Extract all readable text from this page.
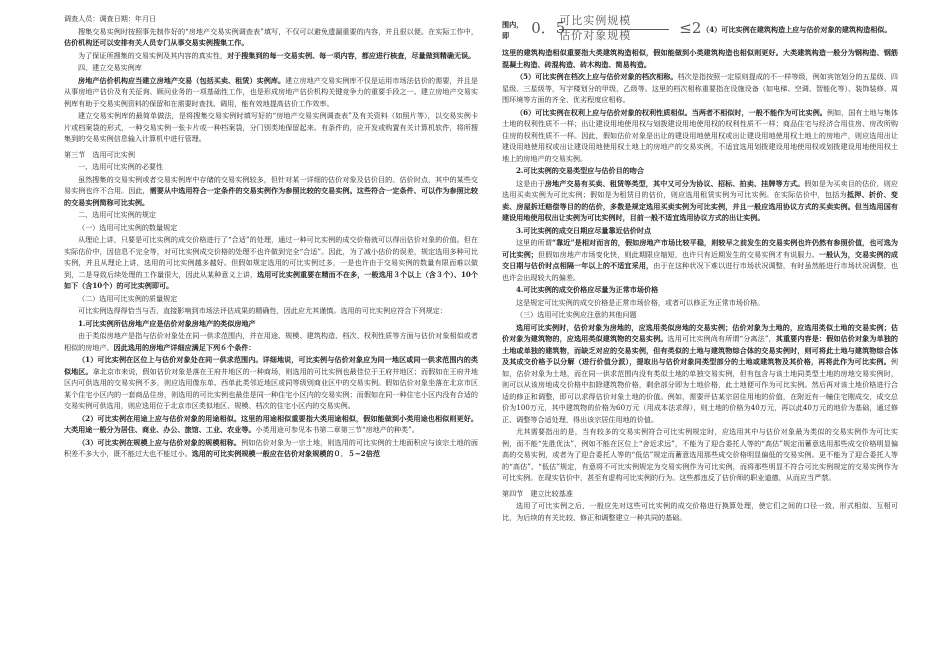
调查人员：调查日期：年月日

搜集交易实例时按照事先制作好的“房地产交易实例调查表”填写，不仅可以避免遗漏重要的内容，并且很以便。在实际工作中，估价机构还可以安排有关人员专门从事交易实例搜集工作。

为了保证所搜集的交易实例及其内容的真实性，对于搜集到的每一交易实例、每一项内容，都应进行核查，尽量做到精确无误。

四、建立交易实例库

房地产估价机构应当建立房地产交易（包括买卖、租赁）实例库。建立房地产交易实例库不仅是运用市场法估价的需要，并且是从事房地产估价及有关征询、顾问业务的一项基础性工作，也是形成房地产估价机构关键竞争力的重要手段之一。建立房地产交易实例库有助于交易实例资料的保留和在需要时查找、调用，能有效地提高估价工作效率。

建立交易实例库的最简单做法，是将搜集交易实例时填写好的“房地产交易实例调查表”及有关资料（如照片等），以交易实例卡片或档案袋的形式，一种交易实例一张卡片或一种档案袋，分门别类地保留起来。有条件的，应开发或购置有关计算机软件，将所搜集到的交易实例信息输入计算机中进行管理。

第三节　选用可比实例

一、选用可比实例的必要性

虽然搜集的交易实例或者交易实例库中存储的交易实例较多，但针对某一详细的估价对象及估价目的、估价时点，其中的某些交易实例也许不合用。因此，需要从中选用符合一定条件的交易实例作为参照比较的交易实例。这些符合一定条件、可以作为参照比较的交易实例简称可比实例。

二、选用可比实例的规定

（一）选用可比实例的数量规定

从理论上讲，只要是可比实例的成交价格进行了“合适”的处理，通过一种可比实例的成交价格就可以得出估价对象的价值。但在实际估价中，因信息不完全等，对可比实例成交价格的处理不也许做到完全“合适”。因此，为了减小估价的误差，规定选用多种可比实例，并且从理论上讲，选用的可比实例越多越好。但假如规定选用的可比实例过多，一是也许由于交易实例的数量有限而难以做到，二是导致后续处理的工作量很大，因此从某种意义上讲，选用可比实例重要在精而不在多，一般选用３个以上（含３个）、10个如下（含10个）的可比实例即可。

（二）选用可比实例的质量规定

可比实例选得得恰当与否，直接影响到市场法评估成果的精确性，因此应尤其谨慎。选用的可比实例应符合下列规定：

1.可比实例所估房地产应是估价对象房地产的类似房地产

由于类似房地产是指与估价对象处在同一供求范围内，并在用途、规模、建筑构造、档次、权利性质等方面与估价对象相似或者相似的房地产。因此选用的房地产详细应满足下列６个条件：

（1）可比实例在区位上与估价对象处在同一供求范围内。详细地说，可比实例与估价对象应为同一地区或同一供求范围内的类似地区。拿北京市来说，假如估价对象是落在王府井地区的一种商场，则选用的可比实例也最佳位于王府井地区；而假如在王府井地区内可供选用的交易实例不多，则应选用像东单、西单此类邻近地区或同等级别商业区中的交易实例。假如估价对象坐落在北京市区某个住宅小区内的一套商品住房，则选用的可比实例也最佳是同一种住宅小区内的交易实例；而假如在同一种住宅小区内没有合适的交易实例可供选用，则应选用位于北京市区类似地区、规模、档次的住宅小区内的交易实例。

（2）可比实例在用途上应与估价对象的用途相似。这里的用途相似重要指大类用途相似，假如能做到小类用途也相似则更好。大类用途一般分为居住、商业、办公、旅馆、工业、农业等。小类用途可参见本书第二章第三节“房地产的种类”。

（3）可比实例在规模上应与估价对象的规模相称。例如估价对象为一宗土地，则选用的可比实例的土地面积应与该宗土地的面积差不多大小，既不能过大也不能过小。选用的可比实例规模一般应在估价对象规模的０．５~2倍范

围内，即	0．5
可比实例规模
估价对象规模	≤2 （4）可比实例在建筑构造上应与估价对象的建筑构造相似。

这里的建筑构造相似重要指大类建筑构造相似，假如能做到小类建筑构造也相似则更好。大类建筑构造一般分为钢构造、钢筋混凝土构造、砖混构造、砖木构造、简易构造。

（5）可比实例在档次上应与估价对象的档次相称。档次是指按照一定原则提成的不一样等级，例如宾馆划分的五星级、四星级、三星级等，写字楼划分的甲级、乙级等。这里的档次相称重要指在设施设备（如电梯、空调、智能化等）、装饰装修、周围环境等方面的齐全、优劣程度应相称。

（6）可比实例在权利上应与估价对象的权利性质相似。当两者不相似时，一般不能作为可比实例。例如，国有土地与集体土地的权利性质不一样；出让建设用地使用权与划拨建设用地使用权的权利性质不一样；商品住宅与经济合用住房、房改所购住房的权利性质不一样。因此，假如估价对象是出让的建设用地使用权或出让建设用地使用权土地上的房地产，则应选用出让建设用地使用权或出让建设用地使用权土地上的房地产的交易实例，不适宜选用划拨建设用地使用权或划拨建设用地使用权土地上的房地产的交易实例。

2.可比实例的交易类型应与估价目的吻合

这是由于房地产交易有买卖、租赁等类型，其中又可分为协议、招标、拍卖、挂牌等方式。假如是为买卖目的估价，则应选用买卖实例为可比实例；假如是为租赁目的估价，则应选用租赁实例为可比实例。在实际估价中，包括为抵押、折价、变卖、房屋拆迁赔偿等目的的估价，多数是规定选用买卖实例为可比实例，并且一般应选用协议方式的买卖实例。但当选用国有建设用地使用权出让实例为可比实例时，目前一般不适宜选用协议方式的出让实例。

3.可比实例的成交日期应尽量靠近估价时点

这里的所谓“靠近”是相对而言的，假如房地产市场比较平稳，则较早之前发生的交易实例也许仍然有参照价值，也可选为可比实例；但假如房地产市场变化快，则此期限应缩短，也许只有近期发生的交易实例才有说服力。一般认为，交易实例的成交日期与估价时点相隔一年以上的不适宜采用，由于在这种状况下难以进行市场状况调整，有时虽然能进行市场状况调整，也也许会出现较大的偏差。

4.可比实例的成交价格应尽量为正常市场价格

这是规定可比实例的成交价格是正常市场价格，或者可以修正为正常市场价格。

（三）选用可比实例应注意的其他问题

选用可比实例时，估价对象为房地的，应选用类似房地的交易实例；估价对象为土地的，应选用类似土地的交易实例；估价对象为建筑物的，应选用类似建筑物的交易实例。选用可比实例尚有所谓“分离法”，其重要内容是：假如估价对象为单独的土地或单独的建筑物，而缺乏对应的交易实例，但有类似的土地与建筑物综合体的交易实例时，则可将此土地与建筑物综合体及其成交价格予以分解（进行价值分派），提取出与估价对象同类型部分的土地或建筑物及其价格，再将此作为可比实例。例如，估价对象为土地，而在同一供求范围内没有类似土地的单独交易实例，但有包含与该土地同类型土地的房地交易实例时，则可以从该房地成交价格中扣除建筑物价格，剩余部分即为土地价格，此土地便可作为可比实例。然后再对该土地价格进行合适的修正和调整，即可以求得估价对象土地的价值。例如，需要评估某宗居住用地的价值，在附近有一幢住宅刚成交，成交总价为100万元，其中建筑物的价格为60万元（用成本法求得），则土地的价格为40万元，再以此40万元的地价为基础，通过修正、调整等合适处理，得出该宗居住用地的价值。

尤其需要指出的是，当有较多的交易实例符合可比实例规定时，应选用其中与估价对象最为类似的交易实例作为可比实例，而不能“先胜优汰”，例如不能在区位上“舍近求远”，不能为了迎合委托人等的“高估”规定而蓄意选用那些成交价格明显偏高的交易实例，或者为了迎合委托人等的“低估”规定而蓄意选用那些成交价格明显偏低的交易实例。更不能为了迎合委托人等的“高估”、“低估”规定，有意将不可比实例规定为交易实例作为可比实例，而将那些明显不符合可比实例规定的交易实例作为可比实例。在现实估价中，甚至有虚构可比实例的行为。这些都违反了估价师的职业道德，从而应当严禁。

第四节　建立比较基准

选用了可比实例之后，一般应先对这些可比实例的成交价格进行换算处理，使它们之间的口径一致、形式相似、互相可比，为后续的有关比较、修正和调整建立一种共同的基础。
